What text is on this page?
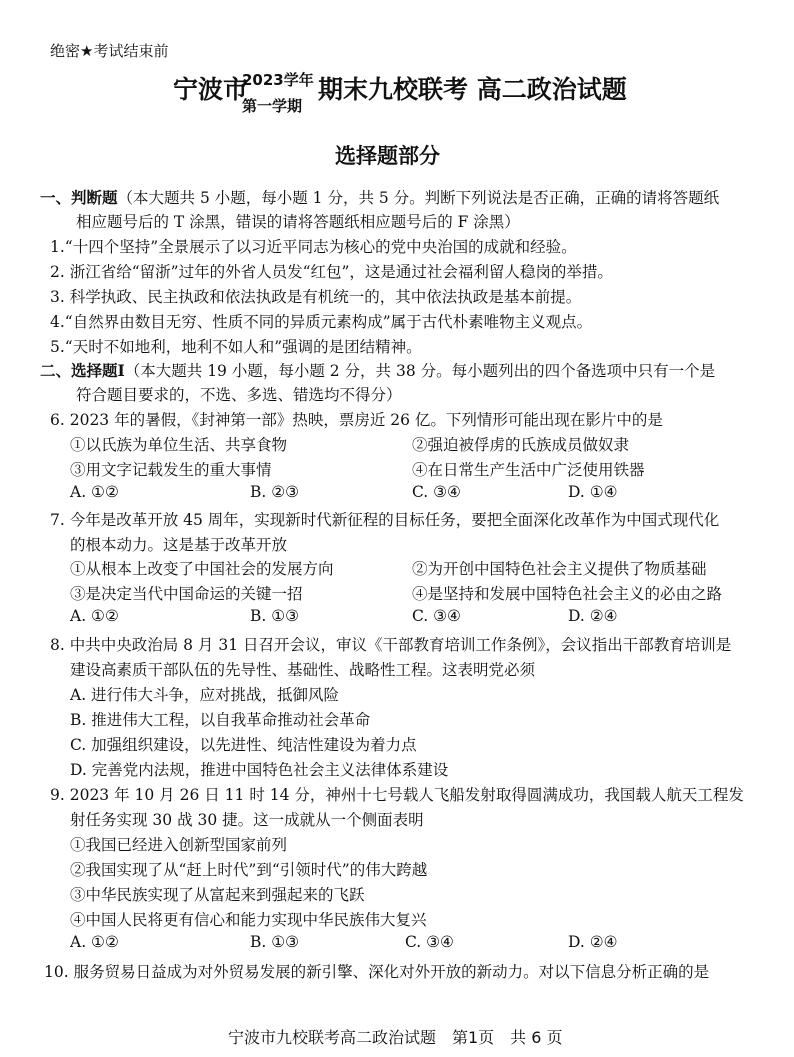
绝密★考试结束前
宁波市
2023学年
第一学期
期末九校联考 高二政治试题
选择题部分
一、判断题（本大题共 5 小题，每小题 1 分，共 5 分。判断下列说法是否正确，正确的请将答题纸
相应题号后的 T 涂黑，错误的请将答题纸相应题号后的 F 涂黑）
1.“十四个坚持”全景展示了以习近平同志为核心的党中央治国的成就和经验。
2. 浙江省给“留浙”过年的外省人员发“红包”，这是通过社会福利留人稳岗的举措。
3. 科学执政、民主执政和依法执政是有机统一的，其中依法执政是基本前提。
4.“自然界由数目无穷、性质不同的异质元素构成”属于古代朴素唯物主义观点。
5.“天时不如地利，地利不如人和”强调的是团结精神。
二、选择题Ⅰ（本大题共 19 小题，每小题 2 分，共 38 分。每小题列出的四个备选项中只有一个是
符合题目要求的，不选、多选、错选均不得分）
6. 2023 年的暑假，《封神第一部》热映，票房近 26 亿。下列情形可能出现在影片中的是
①以氏族为单位生活、共享食物	②强迫被俘虏的氏族成员做奴隶
③用文字记载发生的重大事情	④在日常生产生活中广泛使用铁器
A. ①②	B. ②③	C. ③④	D. ①④
7. 今年是改革开放 45 周年，实现新时代新征程的目标任务，要把全面深化改革作为中国式现代化
的根本动力。这是基于改革开放
①从根本上改变了中国社会的发展方向	②为开创中国特色社会主义提供了物质基础
③是决定当代中国命运的关键一招	④是坚持和发展中国特色社会主义的必由之路
A. ①②	B. ①③	C. ③④	D. ②④
8. 中共中央政治局 8 月 31 日召开会议，审议《干部教育培训工作条例》，会议指出干部教育培训是
建设高素质干部队伍的先导性、基础性、战略性工程。这表明党必须
A. 进行伟大斗争，应对挑战，抵御风险
B. 推进伟大工程，以自我革命推动社会革命
C. 加强组织建设，以先进性、纯洁性建设为着力点
D. 完善党内法规，推进中国特色社会主义法律体系建设
9. 2023 年 10 月 26 日 11 时 14 分，神州十七号载人飞船发射取得圆满成功，我国载人航天工程发
射任务实现 30 战 30 捷。这一成就从一个侧面表明
①我国已经进入创新型国家前列
②我国实现了从“赶上时代”到“引领时代”的伟大跨越
③中华民族实现了从富起来到强起来的飞跃
④中国人民将更有信心和能力实现中华民族伟大复兴
A. ①②	B. ①③	C. ③④	D. ②④
10. 服务贸易日益成为对外贸易发展的新引擎、深化对外开放的新动力。对以下信息分析正确的是
宁波市九校联考高二政治试题　第1页　共 6 页
